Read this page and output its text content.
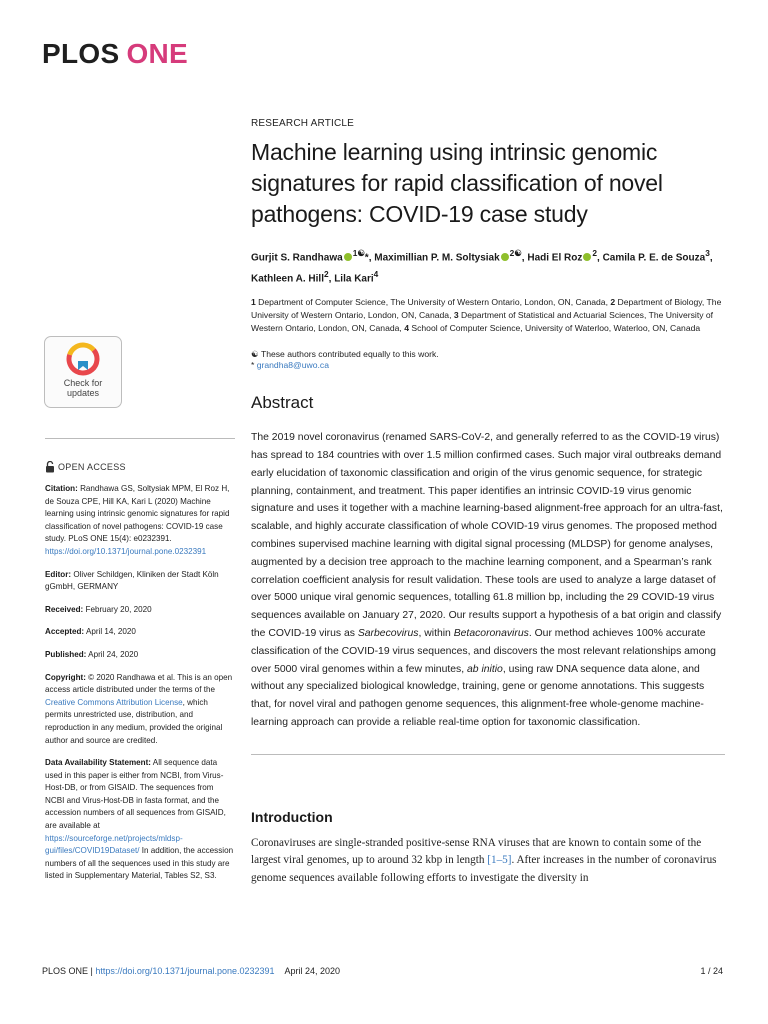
PLOS ONE
Check for
updates

RESEARCH ARTICLE

Machine learning using intrinsic genomic signatures for rapid classification of novel pathogens: COVID-19 case study

Gurjit S. Randhawa $^{1☯}$*, Maximillian P. M. Soltysiak $^{2☯}$, Hadi El Roz $^2$, Camila P. E. de Souza$^3$, Kathleen A. Hill$^2$, Lila Kari$^4$

1 Department of Computer Science, The University of Western Ontario, London, ON, Canada, 2 Department of Biology, The University of Western Ontario, London, ON, Canada, 3 Department of Statistical and Actuarial Sciences, The University of Western Ontario, London, ON, Canada, 4 School of Computer Science, University of Waterloo, Waterloo, ON, Canada

☯ These authors contributed equally to this work.
* grandha8@uwo.ca
Abstract

The 2019 novel coronavirus (renamed SARS-CoV-2, and generally referred to as the COVID-19 virus) has spread to 184 countries with over 1.5 million confirmed cases. Such major viral outbreaks demand early elucidation of taxonomic classification and origin of the virus genomic sequence, for strategic planning, containment, and treatment. This paper identifies an intrinsic COVID-19 virus genomic signature and uses it together with a machine learning-based alignment-free approach for an ultra-fast, scalable, and highly accurate classification of whole COVID-19 virus genomes. The proposed method combines supervised machine learning with digital signal processing (MLDSP) for genome analyses, augmented by a decision tree approach to the machine learning component, and a Spearman’s rank correlation coefficient analysis for result validation. These tools are used to analyze a large dataset of over 5000 unique viral genomic sequences, totalling 61.8 million bp, including the 29 COVID-19 virus sequences available on January 27, 2020. Our results support a hypothesis of a bat origin and classify the COVID-19 virus as Sarbecovirus, within Betacoronavirus. Our method achieves 100% accurate classification of the COVID-19 virus sequences, and discovers the most relevant relationships among over 5000 viral genomes within a few minutes, ab initio, using raw DNA sequence data alone, and without any specialized biological knowledge, training, gene or genome annotations. This suggests that, for novel viral and pathogen genome sequences, this alignment-free whole-genome machine-learning approach can provide a reliable real-time option for taxonomic classification.

Introduction

Coronaviruses are single-stranded positive-sense RNA viruses that are known to contain some of the largest viral genomes, up to around 32 kbp in length [1–5]. After increases in the number of coronavirus genome sequences available following efforts to investigate the diversity in

OPEN ACCESS

Citation: Randhawa GS, Soltysiak MPM, El Roz H, de Souza CPE, Hill KA, Kari L (2020) Machine learning using intrinsic genomic signatures for rapid classification of novel pathogens: COVID-19 case study. PLoS ONE 15(4): e0232391. https://doi.org/10.1371/journal.pone.0232391

Editor: Oliver Schildgen, Kliniken der Stadt Köln gGmbH, GERMANY

Received: February 20, 2020

Accepted: April 14, 2020

Published: April 24, 2020

Copyright: © 2020 Randhawa et al. This is an open access article distributed under the terms of the Creative Commons Attribution License, which permits unrestricted use, distribution, and reproduction in any medium, provided the original author and source are credited.

Data Availability Statement: All sequence data used in this paper is either from NCBI, from Virus-Host-DB, or from GISAID. The sequences from NCBI and Virus-Host-DB in fasta format, and the accession numbers of all sequences from GISAID, are available at https://sourceforge.net/projects/mldsp-gui/files/COVID19Dataset/ In addition, the accession numbers of all the sequences used in this study are listed in Supplementary Material, Tables S2, S3.

PLOS ONE | https://doi.org/10.1371/journal.pone.0232391 April 24, 2020	1 / 24
